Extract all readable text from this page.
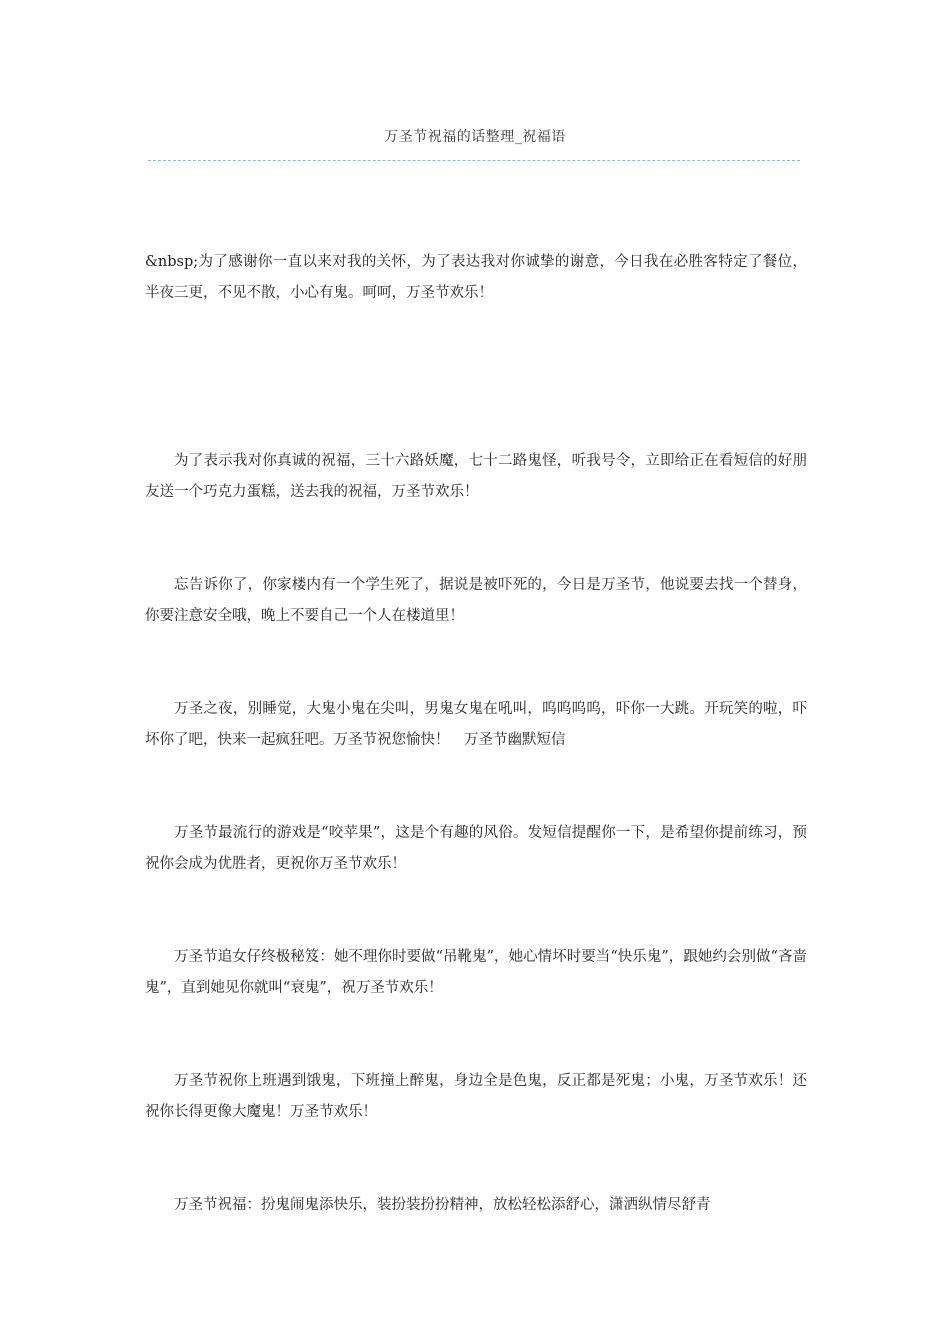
万圣节祝福的话整理_祝福语

&nbsp;为了感谢你一直以来对我的关怀，为了表达我对你诚挚的谢意，今日我在必胜客特定了餐位，半夜三更，不见不散，小心有鬼。呵呵，万圣节欢乐！

为了表示我对你真诚的祝福，三十六路妖魔，七十二路鬼怪，听我号令，立即给正在看短信的好朋友送一个巧克力蛋糕，送去我的祝福，万圣节欢乐！

忘告诉你了，你家楼内有一个学生死了，据说是被吓死的，今日是万圣节，他说要去找一个替身，你要注意安全哦，晚上不要自己一个人在楼道里！

万圣之夜，别睡觉，大鬼小鬼在尖叫，男鬼女鬼在吼叫，呜呜呜呜，吓你一大跳。开玩笑的啦，吓坏你了吧，快来一起疯狂吧。万圣节祝您愉快！　万圣节幽默短信

万圣节最流行的游戏是“咬苹果”，这是个有趣的风俗。发短信提醒你一下，是希望你提前练习，预祝你会成为优胜者，更祝你万圣节欢乐！

万圣节追女仔终极秘笈：她不理你时要做“吊靴鬼”，她心情坏时要当“快乐鬼”，跟她约会别做“吝啬鬼”，直到她见你就叫“衰鬼”，祝万圣节欢乐！

万圣节祝你上班遇到饿鬼，下班撞上醉鬼，身边全是色鬼，反正都是死鬼；小鬼，万圣节欢乐！还祝你长得更像大魔鬼！万圣节欢乐！

万圣节祝福：扮鬼闹鬼添快乐，装扮装扮扮精神，放松轻松添舒心，潇洒纵情尽舒青
